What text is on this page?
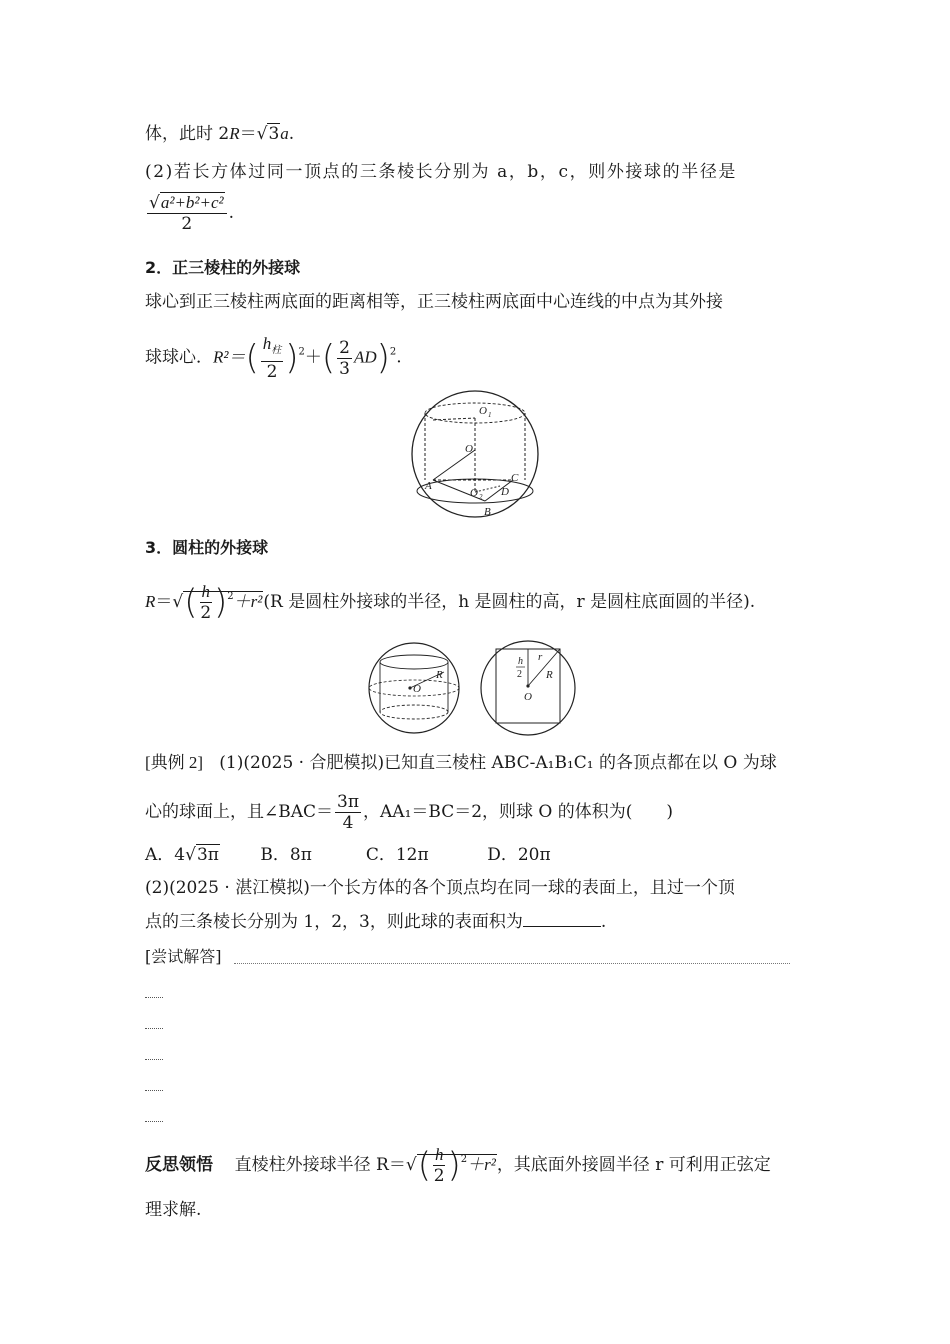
体，此时 2R＝√3a.
(2)若长方体过同一顶点的三条棱长分别为 a，b，c，则外接球的半径是
$\frac{\text{√a²+b²+c²}}{2}$ .
2．正三棱柱的外接球
球心到正三棱柱两底面的距离相等，正三棱柱两底面中心连线的中点为其外接
球球心．$R^2=( \frac{h_柱}{2} )^2+( \frac{2}{3} AD)^2$.
O 1
O
A
C
O 2 D
B
3．圆柱的外接球
$R=√( \frac{h}{2} )^2+r^2(R$ 是圆柱外接球的半径，h 是圆柱的高，r 是圆柱底面圆的半径).
R
O
h
2
r
R
O
[典例 2] (1)(2025 · 合肥模拟)已知直三棱柱 ABC-A₁B₁C₁ 的各顶点都在以 O 为球
心的球面上，且∠BAC＝ $\frac{3\pi}{4}$ ，AA₁＝BC＝2，则球 O 的体积为(　　)
A．4√3π B．8π	C．12π	D．20π
(2)(2025 · 湛江模拟)一个长方体的各个顶点均在同一球的表面上，且过一个顶
点的三条棱长分别为 1，2，3，则此球的表面积为	.
[尝试解答]
反思领悟 直棱柱外接球半径 $R=√( \frac{h}{2} )^2+r^2$，其底面外接圆半径 r 可利用正弦定
理求解.
